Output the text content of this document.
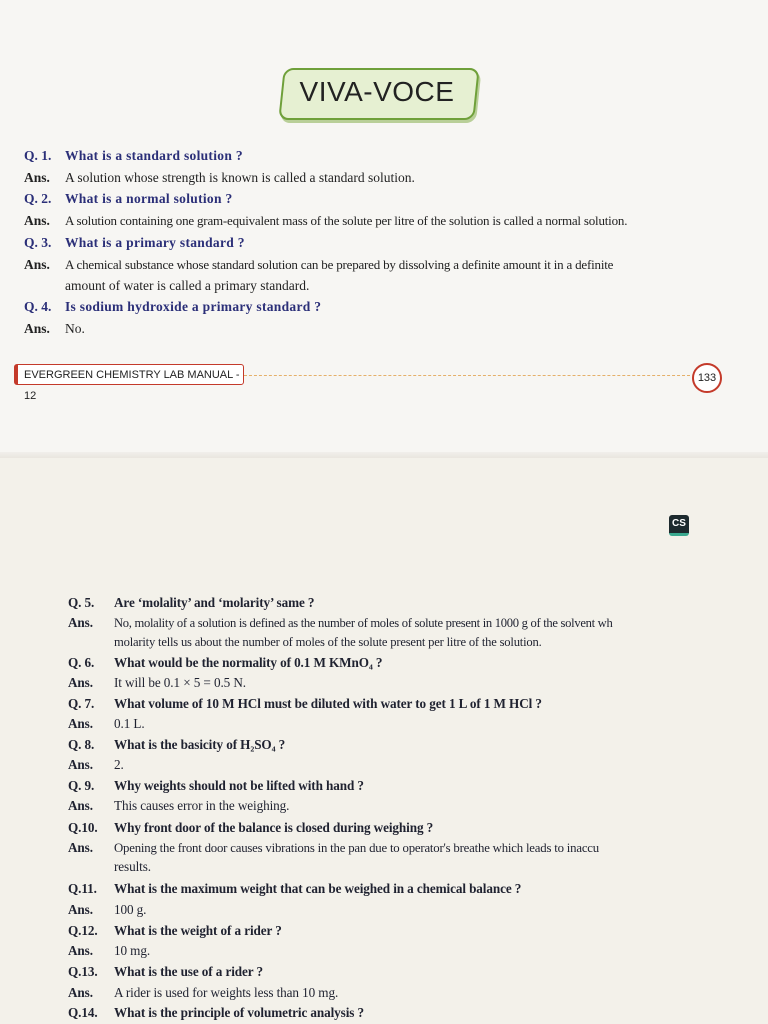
VIVA-VOCE
Q. 1.	What is a standard solution ?
Ans.	A solution whose strength is known is called a standard solution.
Q. 2.	What is a normal solution ?
Ans.	A solution containing one gram-equivalent mass of the solute per litre of the solution is called a normal solution.
Q. 3.	What is a primary standard ?
Ans.	A chemical substance whose standard solution can be prepared by dissolving a definite amount it in a definite
amount of water is called a primary standard.
Q. 4.	Is sodium hydroxide a primary standard ?
Ans.	No.
EVERGREEN CHEMISTRY LAB MANUAL - 12
133
CS
Q. 5.	Are ‘molality’ and ‘molarity’ same ?
Ans.	No, molality of a solution is defined as the number of moles of solute present in 1000 g of the solvent wh
molarity tells us about the number of moles of the solute present per litre of the solution.
Q. 6.	What would be the normality of 0.1 M KMnO₄ ?
Ans.	It will be 0.1 × 5 = 0.5 N.
Q. 7.	What volume of 10 M HCl must be diluted with water to get 1 L of 1 M HCl ?
Ans.	0.1 L.
Q. 8.	What is the basicity of H₂SO₄ ?
Ans.	2.
Q. 9.	Why weights should not be lifted with hand ?
Ans.	This causes error in the weighing.
Q.10.	Why front door of the balance is closed during weighing ?
Ans.	Opening the front door causes vibrations in the pan due to operator's breathe which leads to inaccu
results.
Q.11.	What is the maximum weight that can be weighed in a chemical balance ?
Ans.	100 g.
Q.12.	What is the weight of a rider ?
Ans.	10 mg.
Q.13.	What is the use of a rider ?
Ans.	A rider is used for weights less than 10 mg.
Q.14.	What is the principle of volumetric analysis ?
